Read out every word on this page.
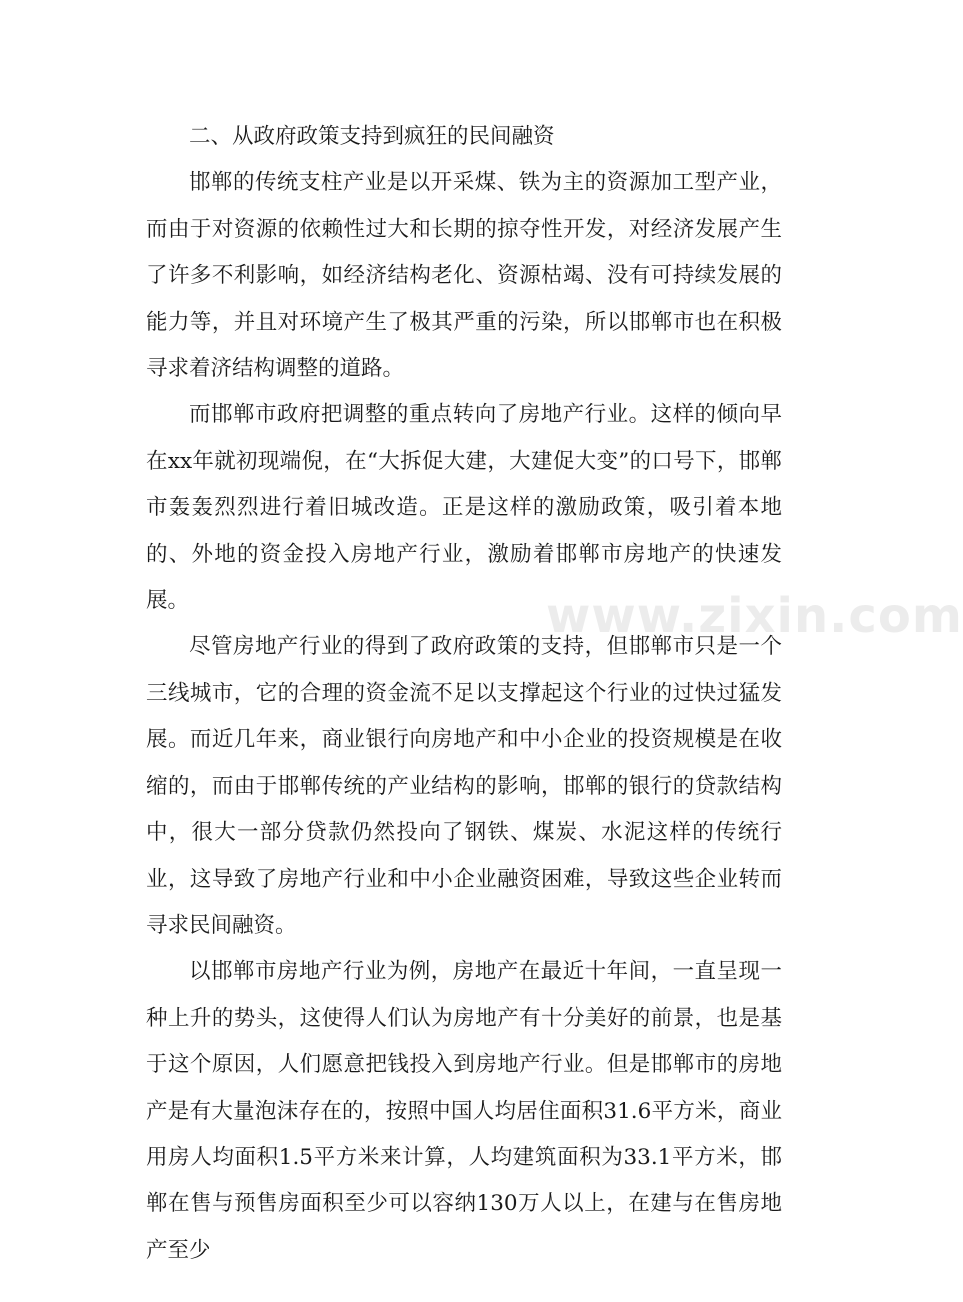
二、从政府政策支持到疯狂的民间融资

邯郸的传统支柱产业是以开采煤、铁为主的资源加工型产业，而由于对资源的依赖性过大和长期的掠夺性开发，对经济发展产生了许多不利影响，如经济结构老化、资源枯竭、没有可持续发展的能力等，并且对环境产生了极其严重的污染，所以邯郸市也在积极寻求着济结构调整的道路。

而邯郸市政府把调整的重点转向了房地产行业。这样的倾向早在xx年就初现端倪，在“大拆促大建，大建促大变”的口号下，邯郸市轰轰烈烈进行着旧城改造。正是这样的激励政策，吸引着本地的、外地的资金投入房地产行业，激励着邯郸市房地产的快速发展。

尽管房地产行业的得到了政府政策的支持，但邯郸市只是一个三线城市，它的合理的资金流不足以支撑起这个行业的过快过猛发展。而近几年来，商业银行向房地产和中小企业的投资规模是在收缩的，而由于邯郸传统的产业结构的影响，邯郸的银行的贷款结构中，很大一部分贷款仍然投向了钢铁、煤炭、水泥这样的传统行业，这导致了房地产行业和中小企业融资困难，导致这些企业转而寻求民间融资。

以邯郸市房地产行业为例，房地产在最近十年间，一直呈现一种上升的势头，这使得人们认为房地产有十分美好的前景，也是基于这个原因，人们愿意把钱投入到房地产行业。但是邯郸市的房地产是有大量泡沫存在的，按照中国人均居住面积31.6平方米，商业用房人均面积1.5平方米来计算，人均建筑面积为33.1平方米，邯郸在售与预售房面积至少可以容纳130万人以上，在建与在售房地产至少

www.zixin.com
